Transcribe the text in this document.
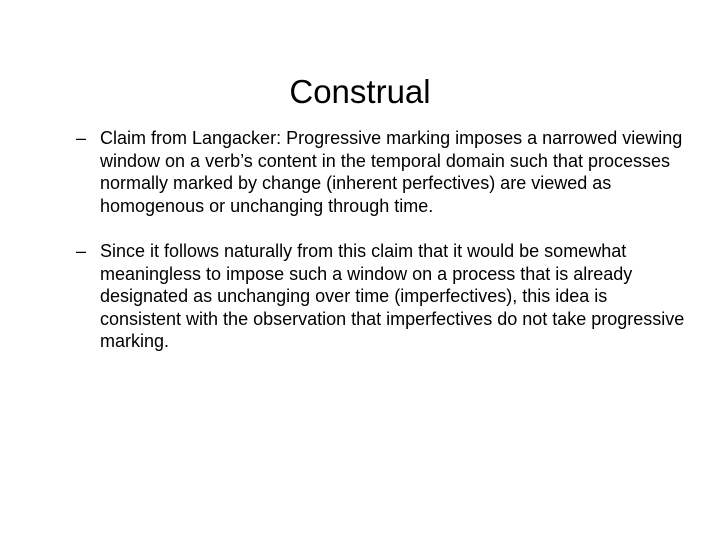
Construal
– Claim from Langacker: Progressive marking imposes a narrowed viewing window on a verb’s content in the temporal domain such that processes normally marked by change (inherent perfectives) are viewed as homogenous or unchanging through time.
– Since it follows naturally from this claim that it would be somewhat meaningless to impose such a window on a process that is already designated as unchanging over time (imperfectives), this idea is consistent with the observation that imperfectives do not take progressive marking.
